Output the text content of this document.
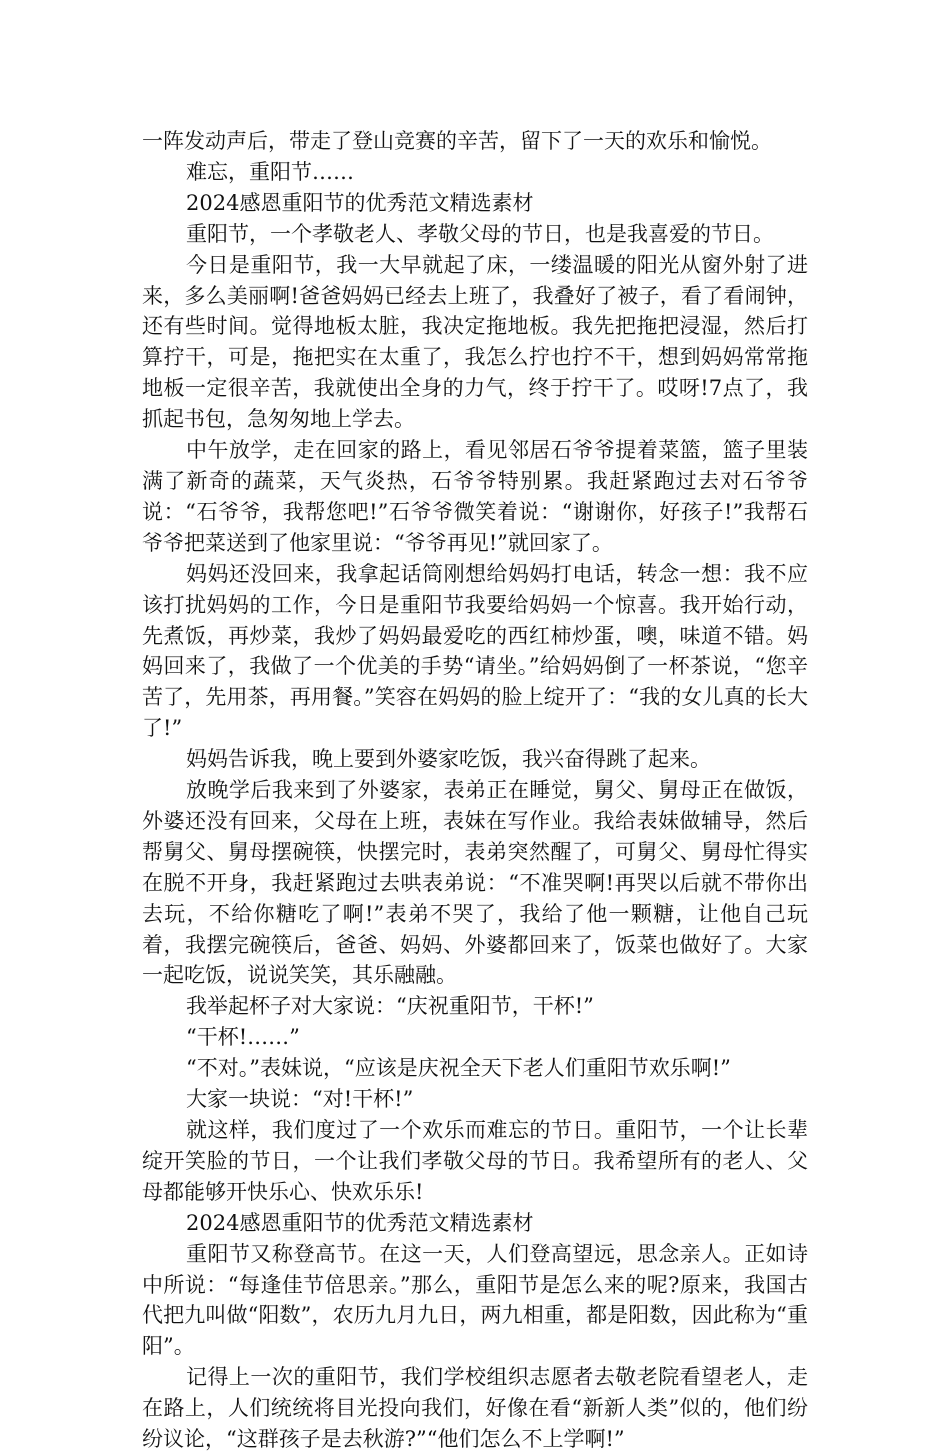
一阵发动声后，带走了登山竞赛的辛苦，留下了一天的欢乐和愉悦。

难忘，重阳节……

2024感恩重阳节的优秀范文精选素材

重阳节，一个孝敬老人、孝敬父母的节日，也是我喜爱的节日。

今日是重阳节，我一大早就起了床，一缕温暖的阳光从窗外射了进来，多么美丽啊!爸爸妈妈已经去上班了，我叠好了被子，看了看闹钟，还有些时间。觉得地板太脏，我决定拖地板。我先把拖把浸湿，然后打算拧干，可是，拖把实在太重了，我怎么拧也拧不干，想到妈妈常常拖地板一定很辛苦，我就使出全身的力气，终于拧干了。哎呀!7点了，我抓起书包，急匆匆地上学去。

中午放学，走在回家的路上，看见邻居石爷爷提着菜篮，篮子里装满了新奇的蔬菜，天气炎热，石爷爷特别累。我赶紧跑过去对石爷爷说：“石爷爷，我帮您吧!”石爷爷微笑着说：“谢谢你，好孩子!”我帮石爷爷把菜送到了他家里说：“爷爷再见!”就回家了。

妈妈还没回来，我拿起话筒刚想给妈妈打电话，转念一想：我不应该打扰妈妈的工作，今日是重阳节我要给妈妈一个惊喜。我开始行动，先煮饭，再炒菜，我炒了妈妈最爱吃的西红柿炒蛋，噢，味道不错。妈妈回来了，我做了一个优美的手势“请坐。”给妈妈倒了一杯茶说，“您辛苦了，先用茶，再用餐。”笑容在妈妈的脸上绽开了：“我的女儿真的长大了!”

妈妈告诉我，晚上要到外婆家吃饭，我兴奋得跳了起来。

放晚学后我来到了外婆家，表弟正在睡觉，舅父、舅母正在做饭，外婆还没有回来，父母在上班，表妹在写作业。我给表妹做辅导，然后帮舅父、舅母摆碗筷，快摆完时，表弟突然醒了，可舅父、舅母忙得实在脱不开身，我赶紧跑过去哄表弟说：“不准哭啊!再哭以后就不带你出去玩，不给你糖吃了啊!”表弟不哭了，我给了他一颗糖，让他自己玩着，我摆完碗筷后，爸爸、妈妈、外婆都回来了，饭菜也做好了。大家一起吃饭，说说笑笑，其乐融融。

我举起杯子对大家说：“庆祝重阳节，干杯!”

“干杯!……”

“不对。”表妹说，“应该是庆祝全天下老人们重阳节欢乐啊!”

大家一块说：“对!干杯!”

就这样，我们度过了一个欢乐而难忘的节日。重阳节，一个让长辈绽开笑脸的节日，一个让我们孝敬父母的节日。我希望所有的老人、父母都能够开快乐心、快欢乐乐!

2024感恩重阳节的优秀范文精选素材

重阳节又称登高节。在这一天，人们登高望远，思念亲人。正如诗中所说：“每逢佳节倍思亲。”那么，重阳节是怎么来的呢?原来，我国古代把九叫做“阳数”，农历九月九日，两九相重，都是阳数，因此称为“重阳”。

记得上一次的重阳节，我们学校组织志愿者去敬老院看望老人，走在路上，人们统统将目光投向我们，好像在看“新新人类”似的，他们纷纷议论，“这群孩子是去秋游?”“他们怎么不上学啊!”
